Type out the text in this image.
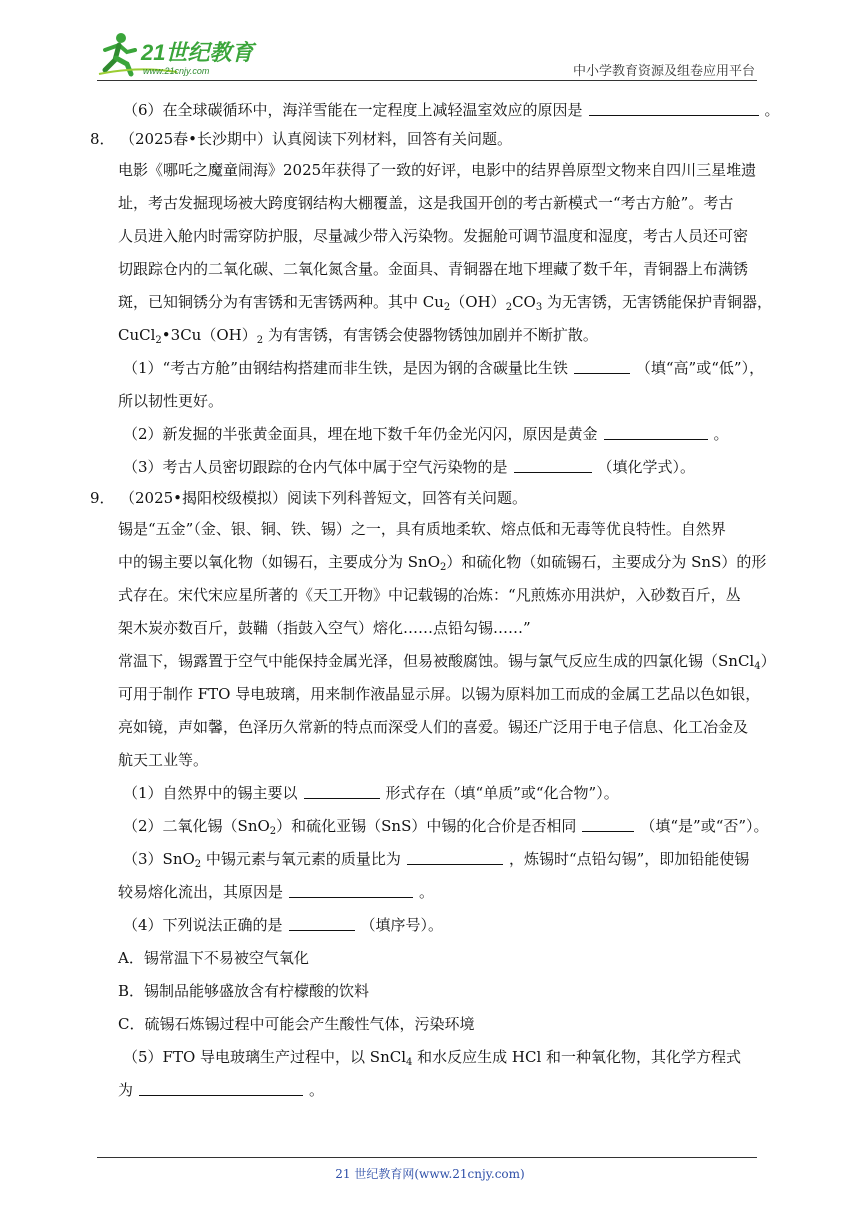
21世纪教育
www.21cnjy.com	中小学教育资源及组卷应用平台
（6）在全球碳循环中，海洋雪能在一定程度上减轻温室效应的原因是	。
8． （2025春•长沙期中）认真阅读下列材料，回答有关问题。
电影《哪吒之魔童闹海》2025年获得了一致的好评，电影中的结界兽原型文物来自四川三星堆遗
址，考古发掘现场被大跨度钢结构大棚覆盖，这是我国开创的考古新模式一“考古方舱”。考古
人员进入舱内时需穿防护服，尽量减少带入污染物。发掘舱可调节温度和湿度，考古人员还可密
切跟踪仓内的二氧化碳、二氧化氮含量。金面具、青铜器在地下埋藏了数千年，青铜器上布满锈
斑，已知铜锈分为有害锈和无害锈两种。其中 $Cu_2(OH)_2CO_3$ 为无害锈，无害锈能保护青铜器，
$CuCl_2•3Cu(OH)_2$ 为有害锈，有害锈会使器物锈蚀加剧并不断扩散。
（1）“考古方舱”由钢结构搭建而非生铁，是因为钢的含碳量比生铁	（填“高”或“低”），
所以韧性更好。
（2）新发掘的半张黄金面具，埋在地下数千年仍金光闪闪，原因是黄金	。
（3）考古人员密切跟踪的仓内气体中属于空气污染物的是	（填化学式）。
9． （2025•揭阳校级模拟）阅读下列科普短文，回答有关问题。
锡是“五金”（金、银、铜、铁、锡）之一，具有质地柔软、熔点低和无毒等优良特性。自然界
中的锡主要以氧化物（如锡石，主要成分为 SnO$_2$）和硫化物（如硫锡石，主要成分为 SnS）的形
式存在。宋代宋应星所著的《天工开物》中记载锡的冶炼：“凡煎炼亦用洪炉，入砂数百斤，丛
架木炭亦数百斤，鼓鞴（指鼓入空气）熔化……点铅勾锡……”
常温下，锡露置于空气中能保持金属光泽，但易被酸腐蚀。锡与氯气反应生成的四氯化锡（SnCl$_4$）
可用于制作 FTO 导电玻璃，用来制作液晶显示屏。以锡为原料加工而成的金属工艺品以色如银，
亮如镜，声如馨，色泽历久常新的特点而深受人们的喜爱。锡还广泛用于电子信息、化工冶金及
航天工业等。
（1）自然界中的锡主要以	形式存在（填“单质”或“化合物”）。
（2）二氧化锡（SnO$_2$）和硫化亚锡（SnS）中锡的化合价是否相同	（填“是”或“否”）。
（3）SnO$_2$ 中锡元素与氧元素的质量比为	，炼锡时“点铅勾锡”，即加铅能使锡
较易熔化流出，其原因是	。
（4）下列说法正确的是	（填序号）。
A．锡常温下不易被空气氧化
B．锡制品能够盛放含有柠檬酸的饮料
C．硫锡石炼锡过程中可能会产生酸性气体，污染环境
（5）FTO 导电玻璃生产过程中，以 SnCl$_4$ 和水反应生成 HCl 和一种氧化物，其化学方程式
为	。
21 世纪教育网(www.21cnjy.com)
